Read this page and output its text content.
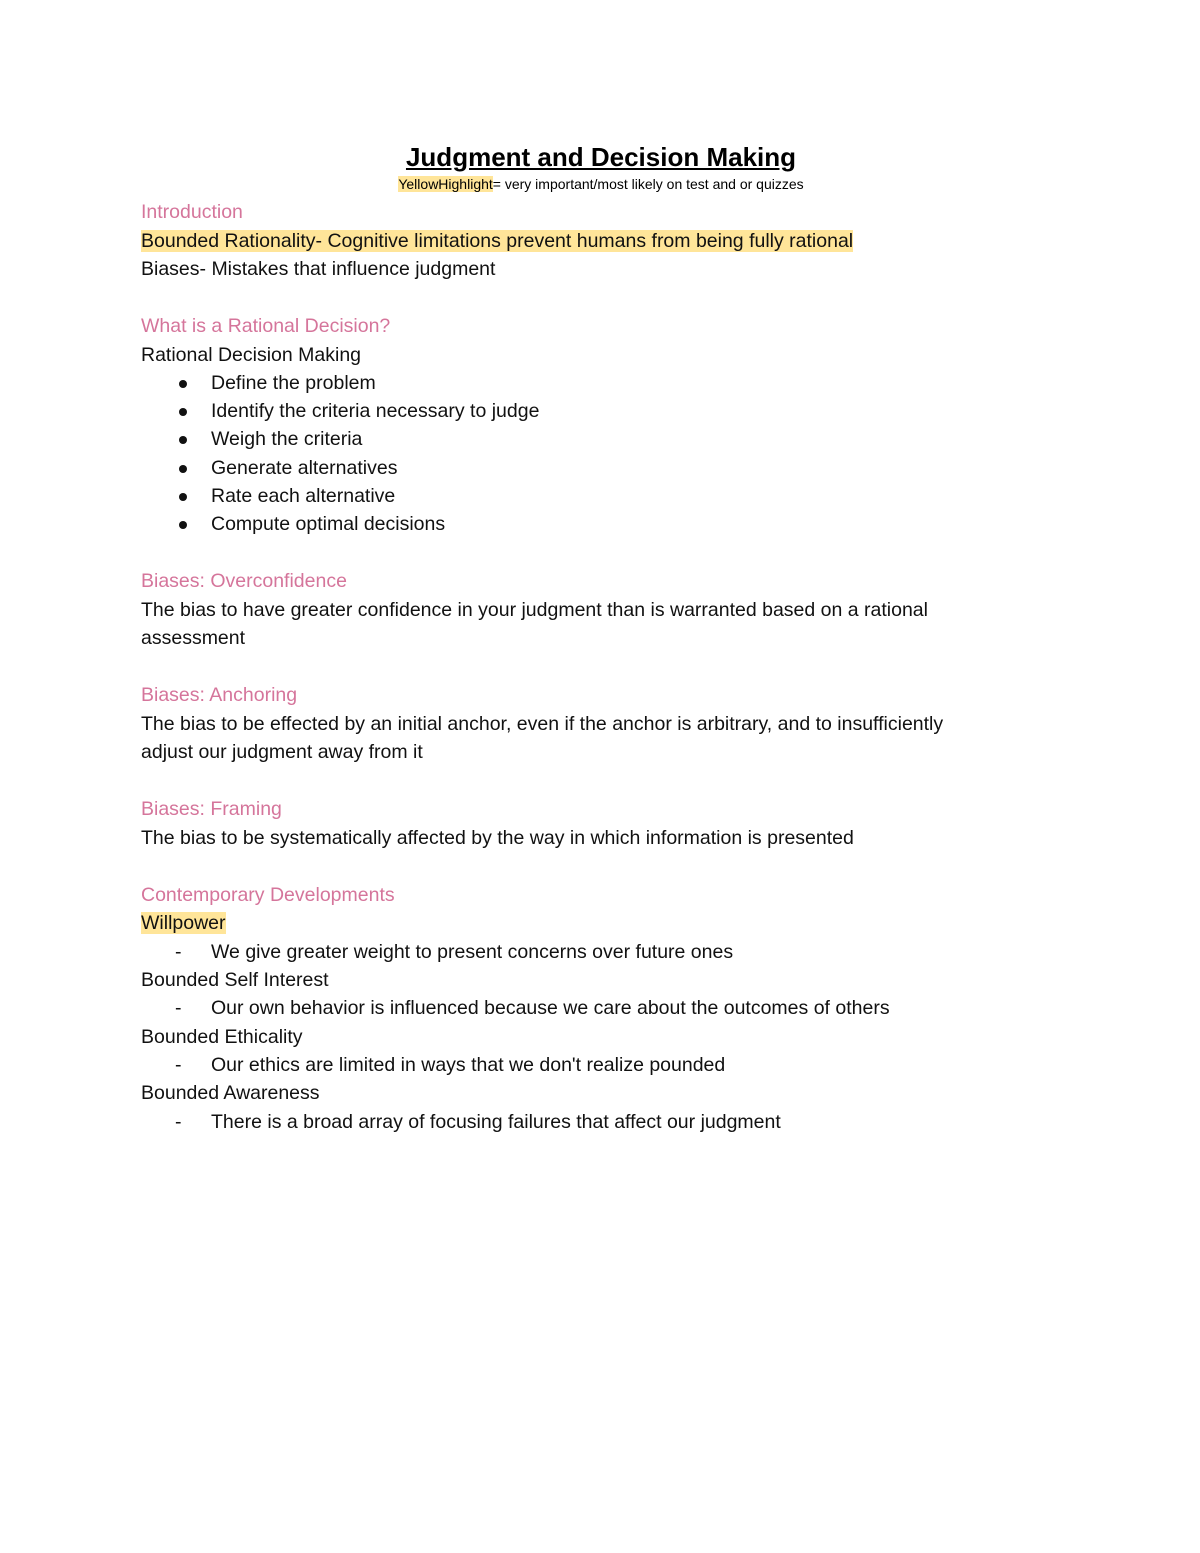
Judgment and Decision Making

YellowHighlight= very important/most likely on test and or quizzes

Introduction

Bounded Rationality- Cognitive limitations prevent humans from being fully rational

Biases- Mistakes that influence judgment

What is a Rational Decision?

Rational Decision Making

Define the problem
Identify the criteria necessary to judge
Weigh the criteria
Generate alternatives
Rate each alternative
Compute optimal decisions

Biases: Overconfidence

The bias to have greater confidence in your judgment than is warranted based on a rational

assessment

Biases: Anchoring

The bias to be effected by an initial anchor, even if the anchor is arbitrary, and to insufficiently

adjust our judgment away from it

Biases: Framing

The bias to be systematically affected by the way in which information is presented

Contemporary Developments

Willpower

- We give greater weight to present concerns over future ones

Bounded Self Interest

- Our own behavior is influenced because we care about the outcomes of others

Bounded Ethicality

- Our ethics are limited in ways that we don't realize pounded

Bounded Awareness

- There is a broad array of focusing failures that affect our judgment
